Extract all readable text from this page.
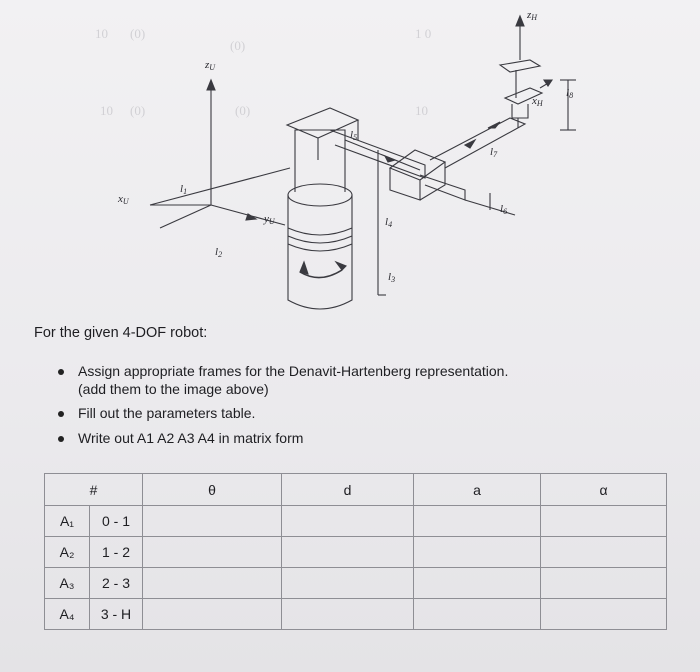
10 (0)
(0)
10 (0)	(0)
1 0
10
zU
xU
yU
zH
xH
l1
l2
l3
l4
l5
l6
l7
l8
For the given 4-DOF robot:
Assign appropriate frames for the Denavit-Hartenberg representation.
(add them to the image above)
Fill out the parameters table.
Write out A1 A2 A3 A4 in matrix form
#	θ	d	a	α

A₁ 0 - 1				

A₂ 1 - 2				

A₃ 2 - 3				

A₄ 3 - H				
